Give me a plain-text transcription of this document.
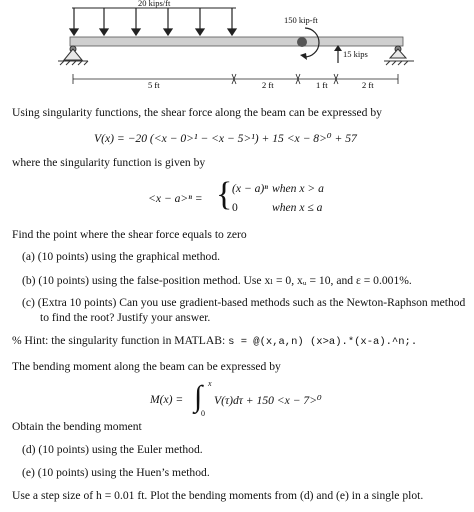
20 kips/ft
150 kip-ft
15 kips
5 ft	2 ft	1 ft	2 ft
Using singularity functions, the shear force along the beam can be expressed by
V(x) = −20 (<x − 0>¹ − <x − 5>¹) + 15 <x − 8>⁰ + 57
where the singularity function is given by
<x − a>ⁿ = { (x − a)ⁿ when x > a
0	when x ≤ a
Find the point where the shear force equals to zero
(a) (10 points) using the graphical method.
(b) (10 points) using the false-position method. Use xₗ = 0, xᵤ = 10, and ε = 0.001%.
(c) (Extra 10 points) Can you use gradient-based methods such as the Newton-Raphson method
to find the root? Justify your answer.
% Hint: the singularity function in MATLAB: s = @(x,a,n) (x>a).*(x-a).^n;.
The bending moment along the beam can be expressed by
M(x) = ∫ x
0
V(τ)dτ + 150 <x − 7>⁰
Obtain the bending moment
(d) (10 points) using the Euler method.
(e) (10 points) using the Huen’s method.
Use a step size of h = 0.01 ft. Plot the bending moments from (d) and (e) in a single plot.
